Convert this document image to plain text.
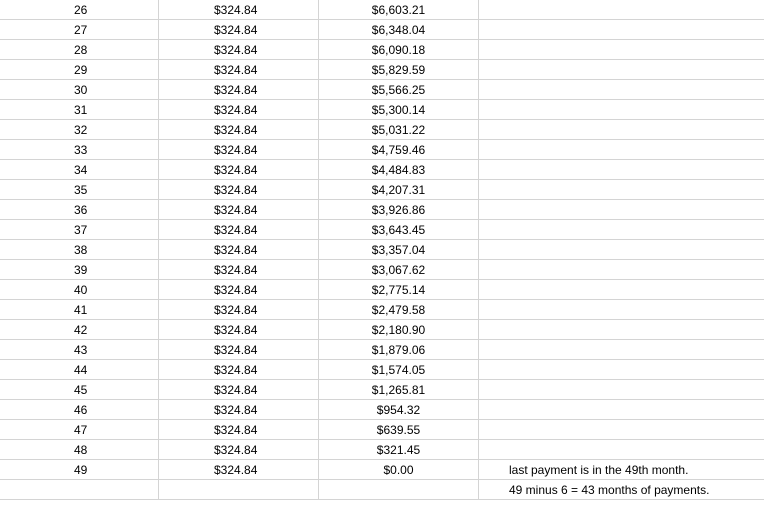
26	$324.84	$6,603.21
27	$324.84	$6,348.04
28	$324.84	$6,090.18
29	$324.84	$5,829.59
30	$324.84	$5,566.25
31	$324.84	$5,300.14
32	$324.84	$5,031.22
33	$324.84	$4,759.46
34	$324.84	$4,484.83
35	$324.84	$4,207.31
36	$324.84	$3,926.86
37	$324.84	$3,643.45
38	$324.84	$3,357.04
39	$324.84	$3,067.62
40	$324.84	$2,775.14
41	$324.84	$2,479.58
42	$324.84	$2,180.90
43	$324.84	$1,879.06
44	$324.84	$1,574.05
45	$324.84	$1,265.81
46	$324.84	$954.32
47	$324.84	$639.55
48	$324.84	$321.45
49	$324.84	$0.00	last payment is in the 49th month.
49 minus 6 = 43 months of payments.
